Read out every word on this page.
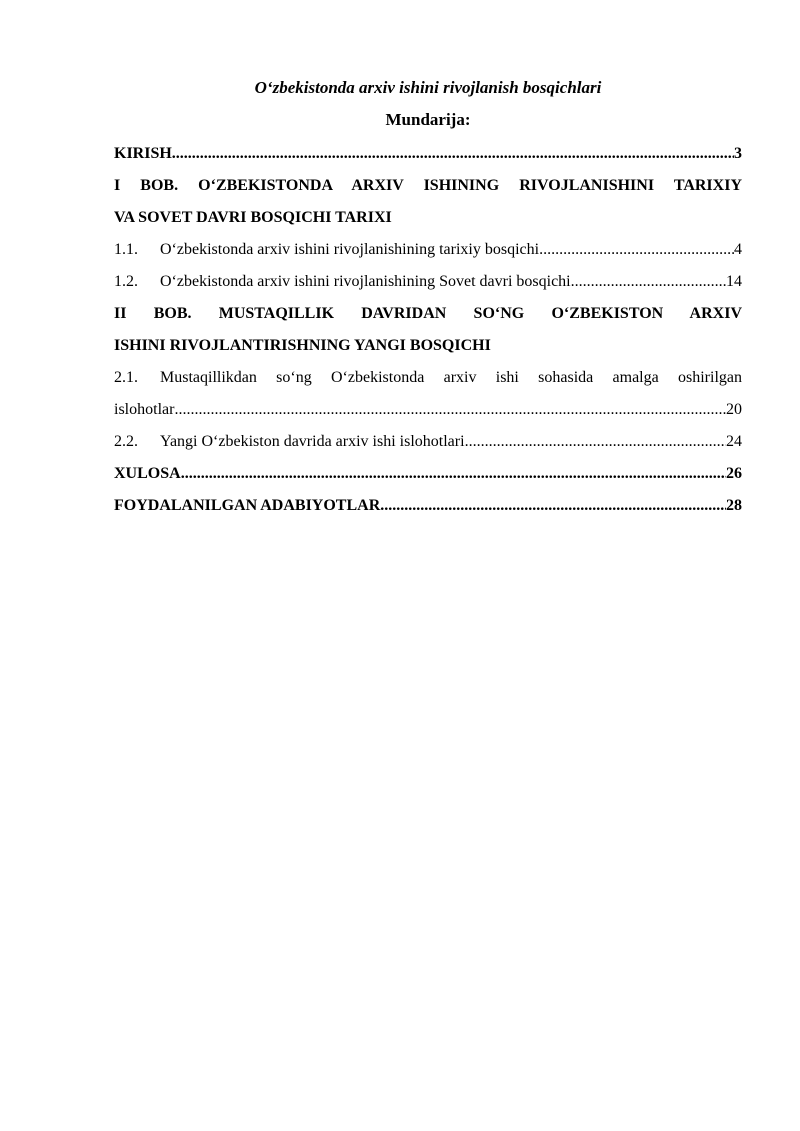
O‘zbekistonda arxiv ishini rivojlanish bosqichlari

Mundarija:

KIRISH .....	3
I BOB. O‘ZBEKISTONDA ARXIV ISHINING RIVOJLANISHINI TARIXIY
VA SOVET DAVRI BOSQICHI TARIXI
1.1.	O‘zbekistonda arxiv ishini rivojlanishining tarixiy bosqichi .....	4
1.2.	O‘zbekistonda arxiv ishini rivojlanishining Sovet davri bosqichi .....	14
II BOB. MUSTAQILLIK DAVRIDAN SO‘NG O‘ZBEKISTON ARXIV
ISHINI RIVOJLANTIRISHNING YANGI BOSQICHI
2.1. Mustaqillikdan so‘ng O‘zbekistonda arxiv ishi sohasida amalga oshirilgan
islohotlar .....	20
2.2.	Yangi O‘zbekiston davrida arxiv ishi islohotlari .....	24
XULOSA .....	26
FOYDALANILGAN ADABIYOTLAR .....	28
